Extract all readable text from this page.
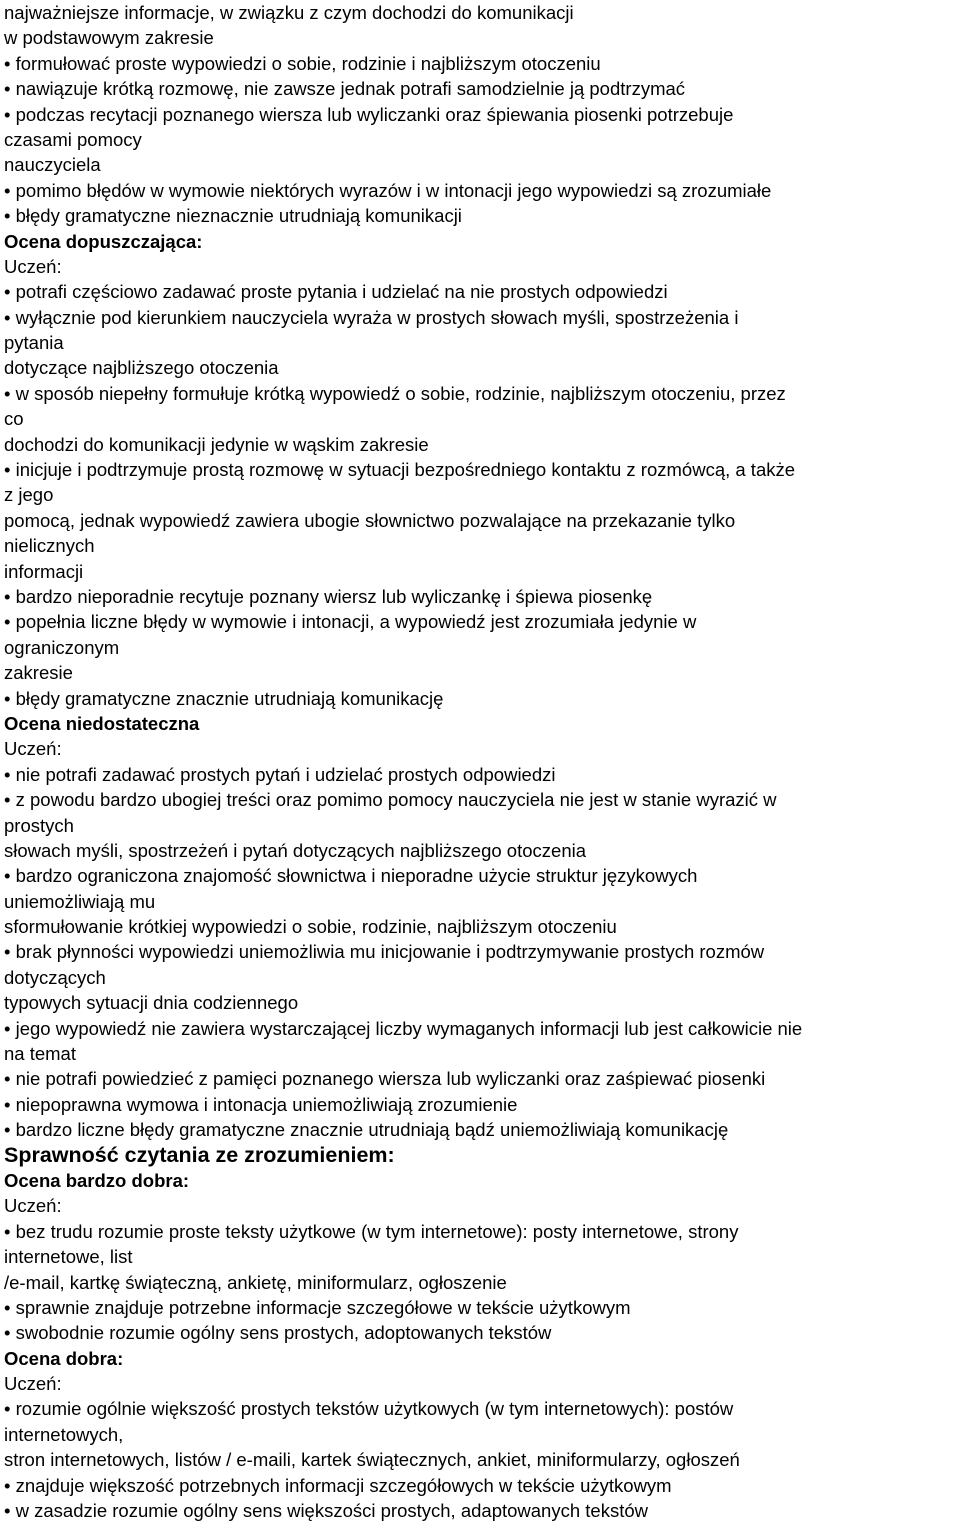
najważniejsze informacje, w związku z czym dochodzi do komunikacji
w podstawowym zakresie
• formułować proste wypowiedzi o sobie, rodzinie i najbliższym otoczeniu
• nawiązuje krótką rozmowę, nie zawsze jednak potrafi samodzielnie ją podtrzymać
• podczas recytacji poznanego wiersza lub wyliczanki oraz śpiewania piosenki potrzebuje
czasami pomocy
nauczyciela
• pomimo błędów w wymowie niektórych wyrazów i w intonacji jego wypowiedzi są zrozumiałe
• błędy gramatyczne nieznacznie utrudniają komunikacji
Ocena dopuszczająca:
Uczeń:
• potrafi częściowo zadawać proste pytania i udzielać na nie prostych odpowiedzi
• wyłącznie pod kierunkiem nauczyciela wyraża w prostych słowach myśli, spostrzeżenia i
pytania
dotyczące najbliższego otoczenia
• w sposób niepełny formułuje krótką wypowiedź o sobie, rodzinie, najbliższym otoczeniu, przez
co
dochodzi do komunikacji jedynie w wąskim zakresie
• inicjuje i podtrzymuje prostą rozmowę w sytuacji bezpośredniego kontaktu z rozmówcą, a także
z jego
pomocą, jednak wypowiedź zawiera ubogie słownictwo pozwalające na przekazanie tylko
nielicznych
informacji
• bardzo nieporadnie recytuje poznany wiersz lub wyliczankę i śpiewa piosenkę
• popełnia liczne błędy w wymowie i intonacji, a wypowiedź jest zrozumiała jedynie w
ograniczonym
zakresie
• błędy gramatyczne znacznie utrudniają komunikację
Ocena niedostateczna
Uczeń:
• nie potrafi zadawać prostych pytań i udzielać prostych odpowiedzi
• z powodu bardzo ubogiej treści oraz pomimo pomocy nauczyciela nie jest w stanie wyrazić w
prostych
słowach myśli, spostrzeżeń i pytań dotyczących najbliższego otoczenia
• bardzo ograniczona znajomość słownictwa i nieporadne użycie struktur językowych
uniemożliwiają mu
sformułowanie krótkiej wypowiedzi o sobie, rodzinie, najbliższym otoczeniu
• brak płynności wypowiedzi uniemożliwia mu inicjowanie i podtrzymywanie prostych rozmów
dotyczących
typowych sytuacji dnia codziennego
• jego wypowiedź nie zawiera wystarczającej liczby wymaganych informacji lub jest całkowicie nie
na temat
• nie potrafi powiedzieć z pamięci poznanego wiersza lub wyliczanki oraz zaśpiewać piosenki
• niepoprawna wymowa i intonacja uniemożliwiają zrozumienie
• bardzo liczne błędy gramatyczne znacznie utrudniają bądź uniemożliwiają komunikację
Sprawność czytania ze zrozumieniem:
Ocena bardzo dobra:
Uczeń:
• bez trudu rozumie proste teksty użytkowe (w tym internetowe): posty internetowe, strony
internetowe, list
/e-mail, kartkę świąteczną, ankietę, miniformularz, ogłoszenie
• sprawnie znajduje potrzebne informacje szczegółowe w tekście użytkowym
• swobodnie rozumie ogólny sens prostych, adoptowanych tekstów
Ocena dobra:
Uczeń:
• rozumie ogólnie większość prostych tekstów użytkowych (w tym internetowych): postów
internetowych,
stron internetowych, listów / e-maili, kartek świątecznych, ankiet, miniformularzy, ogłoszeń
• znajduje większość potrzebnych informacji szczegółowych w tekście użytkowym
• w zasadzie rozumie ogólny sens większości prostych, adaptowanych tekstów
